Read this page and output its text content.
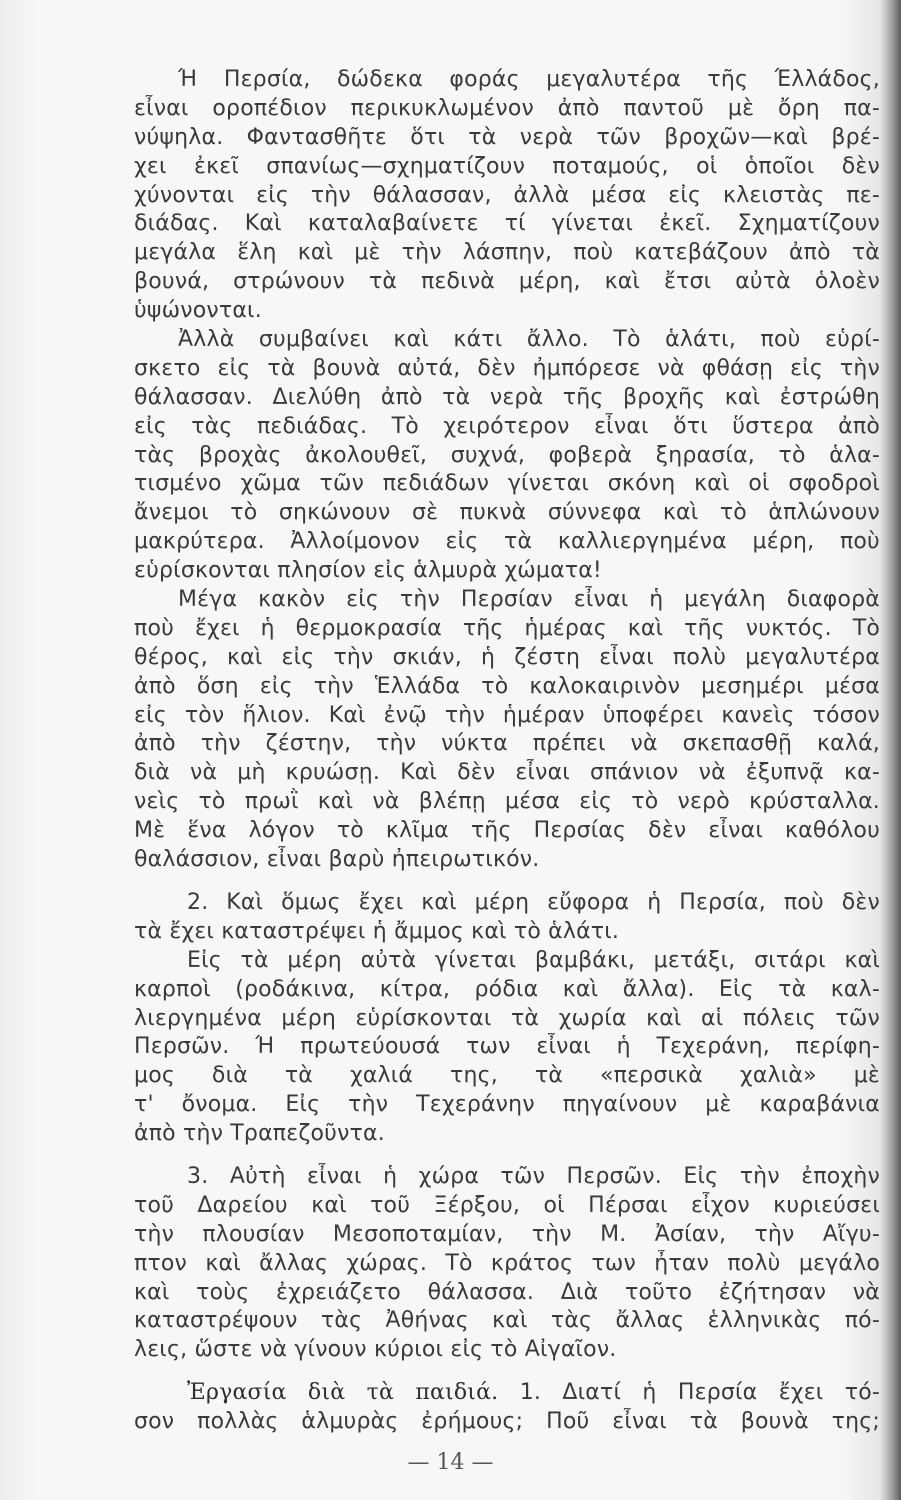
Ή Περσία, δώδεκα φοράς μεγαλυτέρα τῆς Έλλάδος,
εἶναι οροπέδιον περικυκλωμένον ἀπὸ παντοῦ μὲ ὄρη πα-
νύψηλα. Φαντασθῆτε ὅτι τὰ νερὰ τῶν βροχῶν—καὶ βρέ-
χει ἐκεῖ σπανίως—σχηματίζουν ποταμούς, οἱ ὁποῖοι δὲν
χύνονται εἰς τὴν θάλασσαν, ἀλλὰ μέσα εἰς κλειστὰς πε-
διάδας. Καὶ καταλαβαίνετε τί γίνεται ἐκεῖ. Σχηματίζουν
μεγάλα ἕλη καὶ μὲ τὴν λάσπην, ποὺ κατεβάζουν ἀπὸ τὰ
βουνά, στρώνουν τὰ πεδινὰ μέρη, καὶ ἔτσι αὐτὰ ὁλοὲν
ὑψώνονται.
Ἀλλὰ συμβαίνει καὶ κάτι ἄλλο. Τὸ ἁλάτι, ποὺ εὑρί-
σκετο εἰς τὰ βουνὰ αὐτά, δὲν ἠμπόρεσε νὰ φθάσῃ εἰς τὴν
θάλασσαν. Διελύθη ἀπὸ τὰ νερὰ τῆς βροχῆς καὶ ἐστρώθη
εἰς τὰς πεδιάδας. Τὸ χειρότερον εἶναι ὅτι ὕστερα ἀπὸ
τὰς βροχὰς ἀκολουθεῖ, συχνά, φοβερὰ ξηρασία, τὸ ἁλα-
τισμένο χῶμα τῶν πεδιάδων γίνεται σκόνη καὶ οἱ σφοδροὶ
ἄνεμοι τὸ σηκώνουν σὲ πυκνὰ σύννεφα καὶ τὸ ἁπλώνουν
μακρύτερα. Ἀλλοίμονον εἰς τὰ καλλιεργημένα μέρη, ποὺ
εὑρίσκονται πλησίον εἰς ἁλμυρὰ χώματα!
Μέγα κακὸν εἰς τὴν Περσίαν εἶναι ἡ μεγάλη διαφορὰ
ποὺ ἔχει ἡ θερμοκρασία τῆς ἡμέρας καὶ τῆς νυκτός. Τὸ
θέρος, καὶ εἰς τὴν σκιάν, ἡ ζέστη εἶναι πολὺ μεγαλυτέρα
ἀπὸ ὅση εἰς τὴν Ἑλλάδα τὸ καλοκαιρινὸν μεσημέρι μέσα
εἰς τὸν ἥλιον. Καὶ ἐνῷ τὴν ἡμέραν ὑποφέρει κανεὶς τόσον
ἀπὸ τὴν ζέστην, τὴν νύκτα πρέπει νὰ σκεπασθῇ καλά,
διὰ νὰ μὴ κρυώσῃ. Καὶ δὲν εἶναι σπάνιον νὰ ἐξυπνᾷ κα-
νεὶς τὸ πρωῒ καὶ νὰ βλέπῃ μέσα εἰς τὸ νερὸ κρύσταλλα.
Μὲ ἕνα λόγον τὸ κλῖμα τῆς Περσίας δὲν εἶναι καθόλου
θαλάσσιον, εἶναι βαρὺ ἠπειρωτικόν.
2. Καὶ ὅμως ἔχει καὶ μέρη εὔφορα ἡ Περσία, ποὺ δὲν
τὰ ἔχει καταστρέψει ἡ ἄμμος καὶ τὸ ἁλάτι.
Εἰς τὰ μέρη αὐτὰ γίνεται βαμβάκι, μετάξι, σιτάρι καὶ
καρποὶ (ροδάκινα, κίτρα, ρόδια καὶ ἄλλα). Εἰς τὰ καλ-
λιεργημένα μέρη εὑρίσκονται τὰ χωρία καὶ αἱ πόλεις τῶν
Περσῶν. Ή πρωτεύουσά των εἶναι ἡ Τεχεράνη, περίφη-
μος διὰ τὰ χαλιά της, τὰ «περσικὰ χαλιὰ» μὲ
τ' ὄνομα. Εἰς τὴν Τεχεράνην πηγαίνουν μὲ καραβάνια
ἀπὸ τὴν Τραπεζοῦντα.
3. Αὐτὴ εἶναι ἡ χώρα τῶν Περσῶν. Εἰς τὴν ἐποχὴν
τοῦ Δαρείου καὶ τοῦ Ξέρξου, οἱ Πέρσαι εἶχον κυριεύσει
τὴν πλουσίαν Μεσοποταμίαν, τὴν Μ. Ἀσίαν, τὴν Αἴγυ-
πτον καὶ ἄλλας χώρας. Τὸ κράτος των ἦταν πολὺ μεγάλο
καὶ τοὺς ἐχρειάζετο θάλασσα. Διὰ τοῦτο ἐζήτησαν νὰ
καταστρέψουν τὰς Ἀθήνας καὶ τὰς ἄλλας ἑλληνικὰς πό-
λεις, ὥστε νὰ γίνουν κύριοι εἰς τὸ Αἰγαῖον.
Ἐργασία διὰ τὰ παιδιά. 1. Διατί ἡ Περσία ἔχει τό-
σον πολλὰς ἁλμυρὰς ἐρήμους; Ποῦ εἶναι τὰ βουνὰ της;
— 14 —
